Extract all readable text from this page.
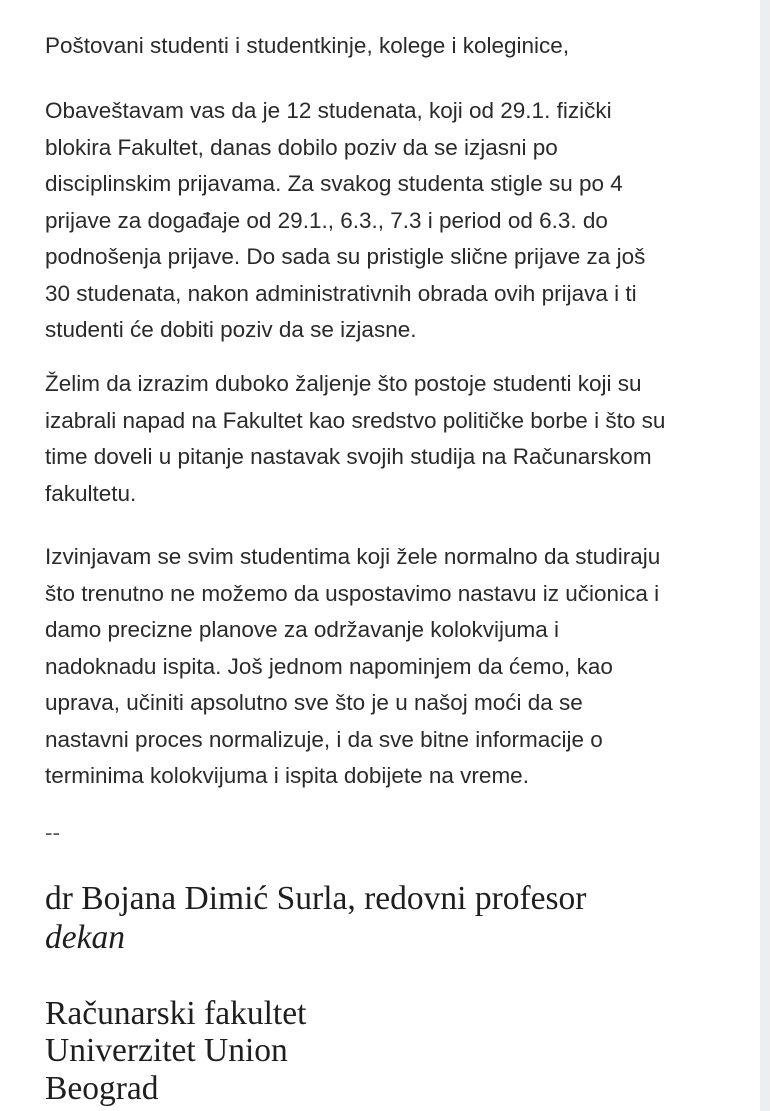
Poštovani studenti i studentkinje, kolege i koleginice,

Obaveštavam vas da je 12 studenata, koji od 29.1. fizički
blokira Fakultet, danas dobilo poziv da se izjasni po
disciplinskim prijavama. Za svakog studenta stigle su po 4
prijave za događaje od 29.1., 6.3., 7.3 i period od 6.3. do
podnošenja prijave. Do sada su pristigle slične prijave za još
30 studenata, nakon administrativnih obrada ovih prijava i ti
studenti će dobiti poziv da se izjasne.

Želim da izrazim duboko žaljenje što postoje studenti koji su
izabrali napad na Fakultet kao sredstvo političke borbe i što su
time doveli u pitanje nastavak svojih studija na Računarskom
fakultetu.

Izvinjavam se svim studentima koji žele normalno da studiraju
što trenutno ne možemo da uspostavimo nastavu iz učionica i
damo precizne planove za održavanje kolokvijuma i
nadoknadu ispita. Još jednom napominjem da ćemo, kao
uprava, učiniti apsolutno sve što je u našoj moći da se
nastavni proces normalizuje, i da sve bitne informacije o
terminima kolokvijuma i ispita dobijete na vreme.

--

dr Bojana Dimić Surla, redovni profesor

dekan

Računarski fakultet

Univerzitet Union

Beograd
